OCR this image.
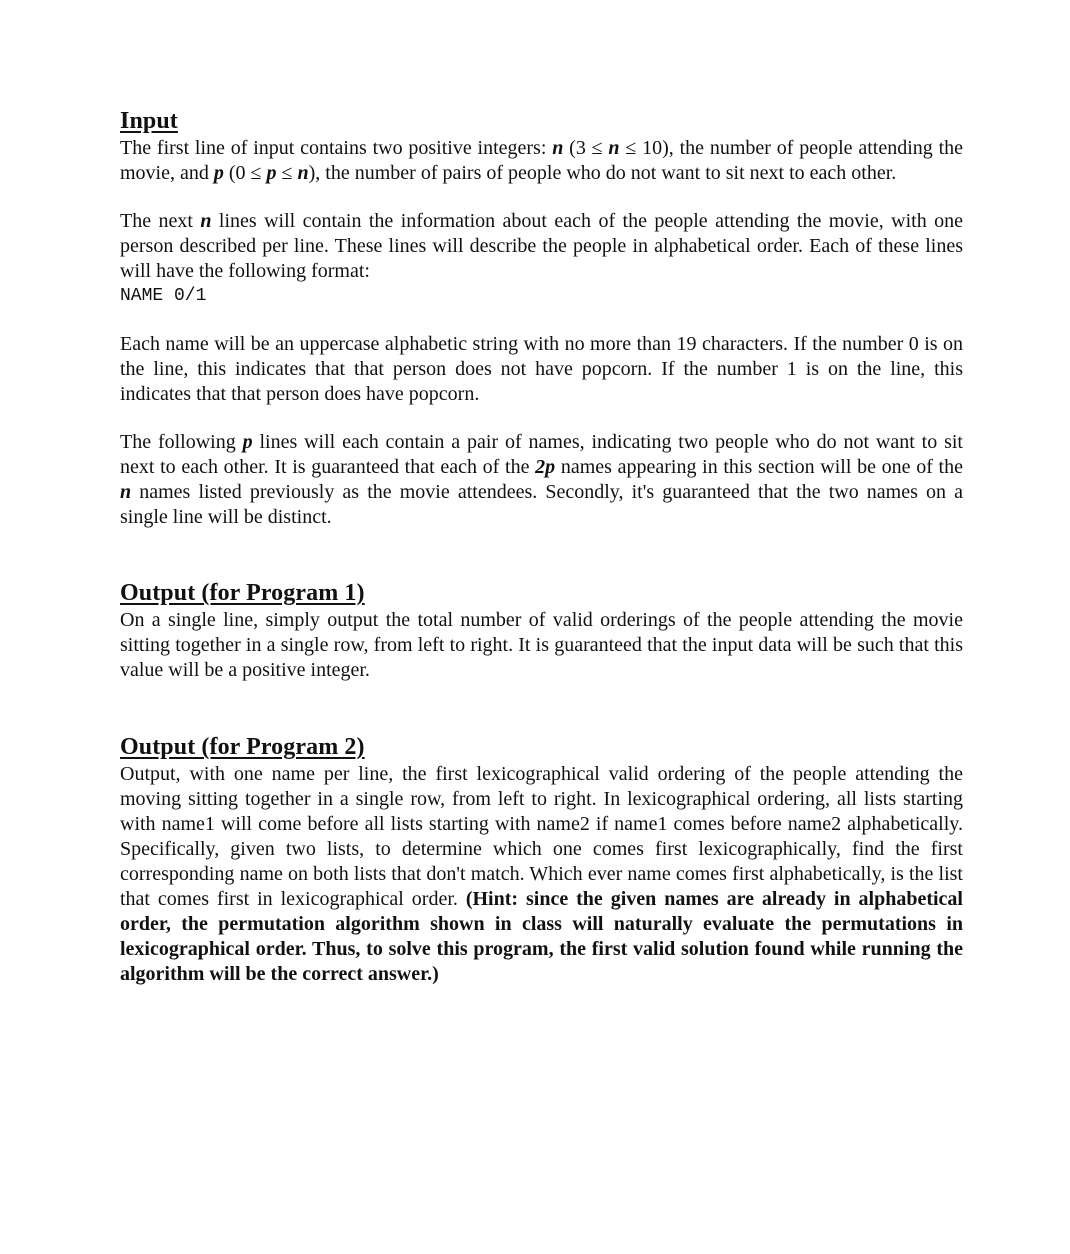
Input

The first line of input contains two positive integers: n (3 ≤ n ≤ 10), the number of people attending the movie, and p (0 ≤ p ≤ n), the number of pairs of people who do not want to sit next to each other.

The next n lines will contain the information about each of the people attending the movie, with one person described per line. These lines will describe the people in alphabetical order. Each of these lines will have the following format:

NAME 0/1

Each name will be an uppercase alphabetic string with no more than 19 characters. If the number 0 is on the line, this indicates that that person does not have popcorn. If the number 1 is on the line, this indicates that that person does have popcorn.

The following p lines will each contain a pair of names, indicating two people who do not want to sit next to each other. It is guaranteed that each of the 2p names appearing in this section will be one of the n names listed previously as the movie attendees. Secondly, it's guaranteed that the two names on a single line will be distinct.

Output (for Program 1)

On a single line, simply output the total number of valid orderings of the people attending the movie sitting together in a single row, from left to right. It is guaranteed that the input data will be such that this value will be a positive integer.

Output (for Program 2)

Output, with one name per line, the first lexicographical valid ordering of the people attending the moving sitting together in a single row, from left to right. In lexicographical ordering, all lists starting with name1 will come before all lists starting with name2 if name1 comes before name2 alphabetically. Specifically, given two lists, to determine which one comes first lexicographically, find the first corresponding name on both lists that don't match. Which ever name comes first alphabetically, is the list that comes first in lexicographical order. (Hint: since the given names are already in alphabetical order, the permutation algorithm shown in class will naturally evaluate the permutations in lexicographical order. Thus, to solve this program, the first valid solution found while running the algorithm will be the correct answer.)
